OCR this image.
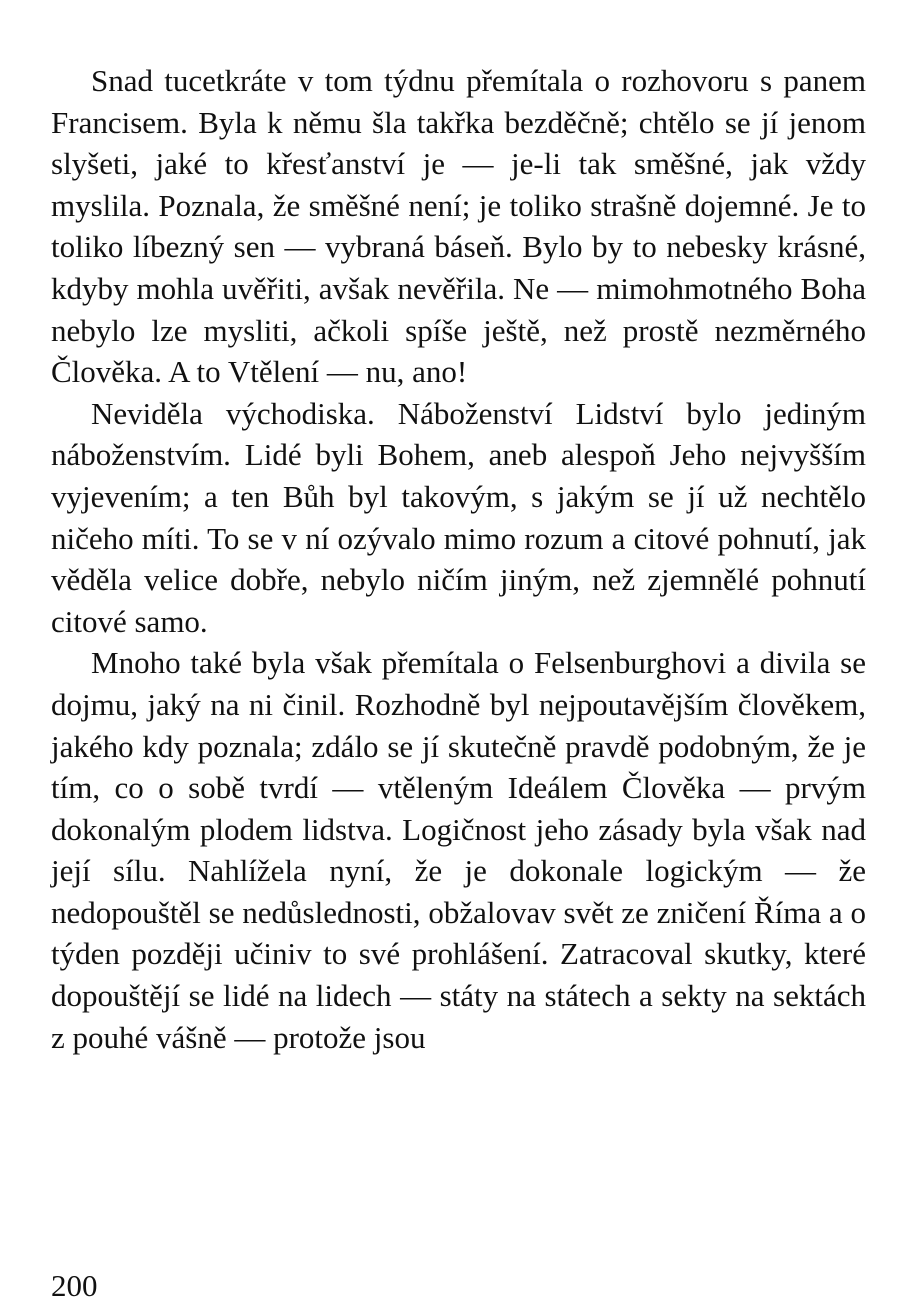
Snad tucetkráte v tom týdnu přemítala o rozhovoru s panem Francisem. Byla k němu šla takřka bezděčně; chtělo se jí jenom slyšeti, jaké to křesťanství je — je-li tak směšné, jak vždy myslila. Poznala, že směšné není; je toliko strašně dojemné. Je to toliko líbezný sen — vybraná báseň. Bylo by to nebesky krásné, kdyby mohla uvěřiti, avšak nevěřila. Ne — mimohmotného Boha nebylo lze mysliti, ačkoli spíše ještě, než prostě nezměrného Člověka. A to Vtělení — nu, ano!

Neviděla východiska. Náboženství Lidství bylo jediným náboženstvím. Lidé byli Bohem, aneb alespoň Jeho nejvyšším vyjevením; a ten Bůh byl takovým, s jakým se jí už nechtělo ničeho míti. To se v ní ozývalo mimo rozum a citové pohnutí, jak věděla velice dobře, nebylo ničím jiným, než zjemnělé pohnutí citové samo.

Mnoho také byla však přemítala o Felsenburghovi a divila se dojmu, jaký na ni činil. Rozhodně byl nejpoutavějším člověkem, jakého kdy poznala; zdálo se jí skutečně pravdě podobným, že je tím, co o sobě tvrdí — vtěleným Ideálem Člověka — prvým dokonalým plodem lidstva. Logičnost jeho zásady byla však nad její sílu. Nahlížela nyní, že je dokonale logickým — že nedopouštěl se nedůslednosti, obžalovav svět ze zničení Říma a o týden později učiniv to své prohlášení. Zatracoval skutky, které dopouštějí se lidé na lidech — státy na státech a sekty na sektách z pouhé vášně — protože jsou

200
